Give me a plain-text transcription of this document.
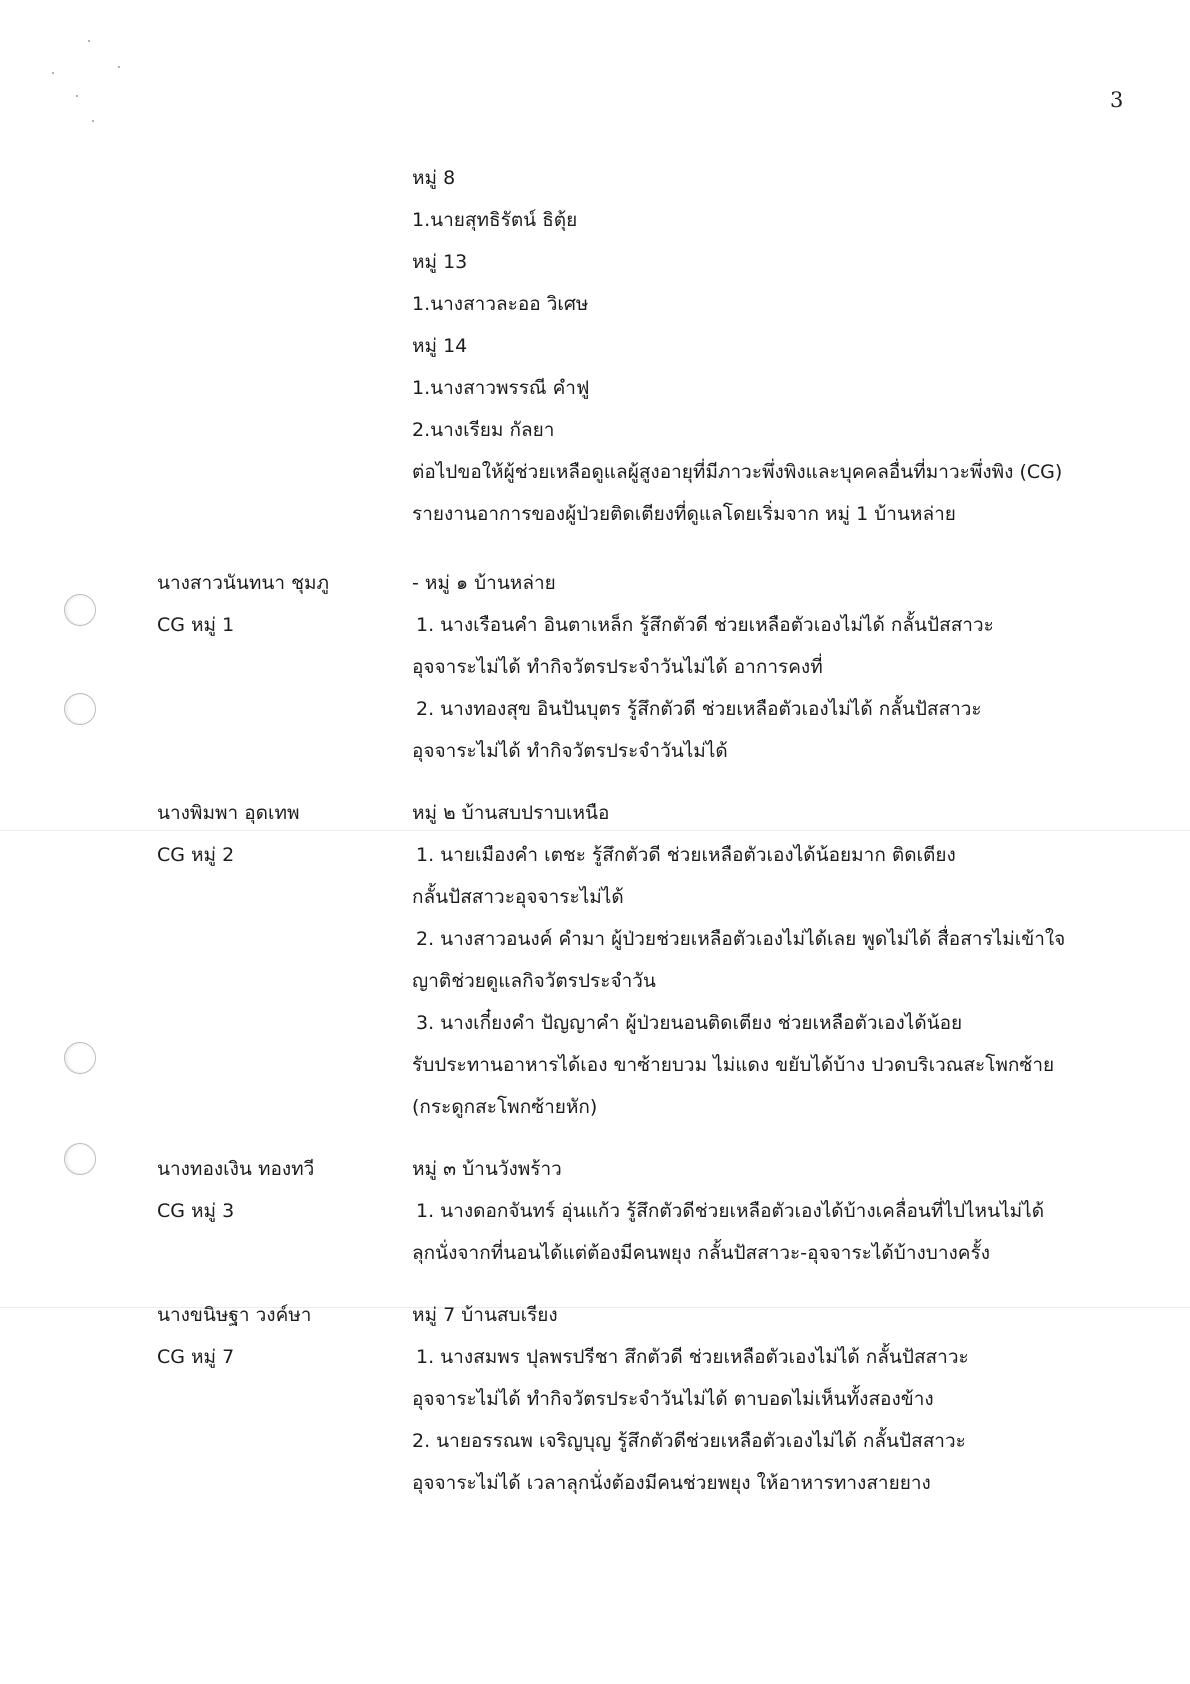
3
หมู่ 8
1.นายสุทธิรัตน์ ธิตุ้ย
หมู่ 13
1.นางสาวละออ วิเศษ
หมู่ 14
1.นางสาวพรรณี คำฟู
2.นางเรียม กัลยา
ต่อไปขอให้ผู้ช่วยเหลือดูแลผู้สูงอายุที่มีภาวะพึ่งพิงและบุคคลอื่นที่มาวะพึ่งพิง (CG)
รายงานอาการของผู้ป่วยติดเตียงที่ดูแลโดยเริ่มจาก หมู่ 1 บ้านหล่าย
นางสาวนันทนา ชุมภู
CG หมู่ 1
- หมู่ ๑ บ้านหล่าย
1. นางเรือนคำ อินตาเหล็ก รู้สึกตัวดี ช่วยเหลือตัวเองไม่ได้ กลั้นปัสสาวะ
อุจจาระไม่ได้ ทำกิจวัตรประจำวันไม่ได้ อาการคงที่
2. นางทองสุข อินปันบุตร รู้สึกตัวดี ช่วยเหลือตัวเองไม่ได้ กลั้นปัสสาวะ
อุจจาระไม่ได้ ทำกิจวัตรประจำวันไม่ได้
นางพิมพา อุดเทพ
CG หมู่ 2
หมู่ ๒ บ้านสบปราบเหนือ
1. นายเมืองคำ เตชะ รู้สึกตัวดี ช่วยเหลือตัวเองได้น้อยมาก ติดเตียง
กลั้นปัสสาวะอุจจาระไม่ได้
2. นางสาวอนงค์ คำมา ผู้ป่วยช่วยเหลือตัวเองไม่ได้เลย พูดไม่ได้ สื่อสารไม่เข้าใจ
ญาติช่วยดูแลกิจวัตรประจำวัน
3. นางเกี๋ยงคำ ปัญญาคำ ผู้ป่วยนอนติดเตียง ช่วยเหลือตัวเองได้น้อย
รับประทานอาหารได้เอง ขาซ้ายบวม ไม่แดง ขยับได้บ้าง ปวดบริเวณสะโพกซ้าย
(กระดูกสะโพกซ้ายหัก)
นางทองเงิน ทองทวี
CG หมู่ 3
หมู่ ๓ บ้านวังพร้าว
1. นางดอกจันทร์ อุ่นแก้ว รู้สึกตัวดีช่วยเหลือตัวเองได้บ้างเคลื่อนที่ไปไหนไม่ได้
ลุกนั่งจากที่นอนได้แต่ต้องมีคนพยุง กลั้นปัสสาวะ-อุจจาระได้บ้างบางครั้ง
นางขนิษฐา วงค์ษา
CG หมู่ 7
หมู่ 7 บ้านสบเรียง
1. นางสมพร ปุลพรปรีชา สึกตัวดี ช่วยเหลือตัวเองไม่ได้ กลั้นปัสสาวะ
อุจจาระไม่ได้ ทำกิจวัตรประจำวันไม่ได้ ตาบอดไม่เห็นทั้งสองข้าง
2. นายอรรณพ เจริญบุญ รู้สึกตัวดีช่วยเหลือตัวเองไม่ได้ กลั้นปัสสาวะ
อุจจาระไม่ได้ เวลาลุกนั่งต้องมีคนช่วยพยุง ให้อาหารทางสายยาง
